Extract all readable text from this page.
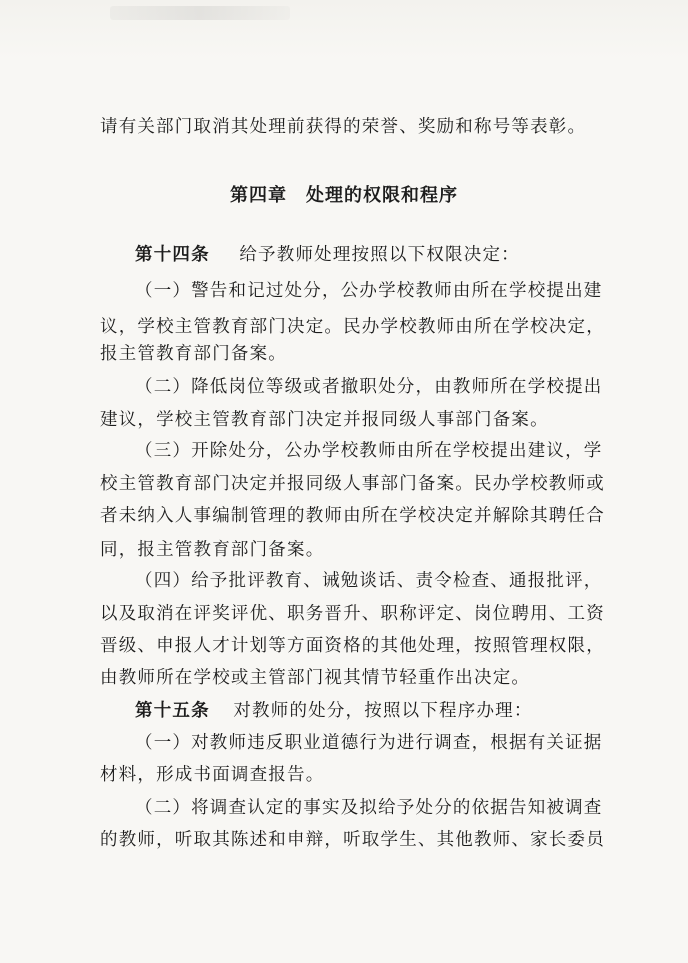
请有关部门取消其处理前获得的荣誉、奖励和称号等表彰。
第四章　处理的权限和程序
第十四条 给予教师处理按照以下权限决定：
（一）警告和记过处分，公办学校教师由所在学校提出建
议，学校主管教育部门决定。民办学校教师由所在学校决定，
报主管教育部门备案。
（二）降低岗位等级或者撤职处分，由教师所在学校提出
建议，学校主管教育部门决定并报同级人事部门备案。
（三）开除处分，公办学校教师由所在学校提出建议，学
校主管教育部门决定并报同级人事部门备案。民办学校教师或
者未纳入人事编制管理的教师由所在学校决定并解除其聘任合
同，报主管教育部门备案。
（四）给予批评教育、诫勉谈话、责令检查、通报批评，
以及取消在评奖评优、职务晋升、职称评定、岗位聘用、工资
晋级、申报人才计划等方面资格的其他处理，按照管理权限，
由教师所在学校或主管部门视其情节轻重作出决定。
第十五条 对教师的处分，按照以下程序办理：
（一）对教师违反职业道德行为进行调查，根据有关证据
材料，形成书面调查报告。
（二）将调查认定的事实及拟给予处分的依据告知被调查
的教师，听取其陈述和申辩，听取学生、其他教师、家长委员
